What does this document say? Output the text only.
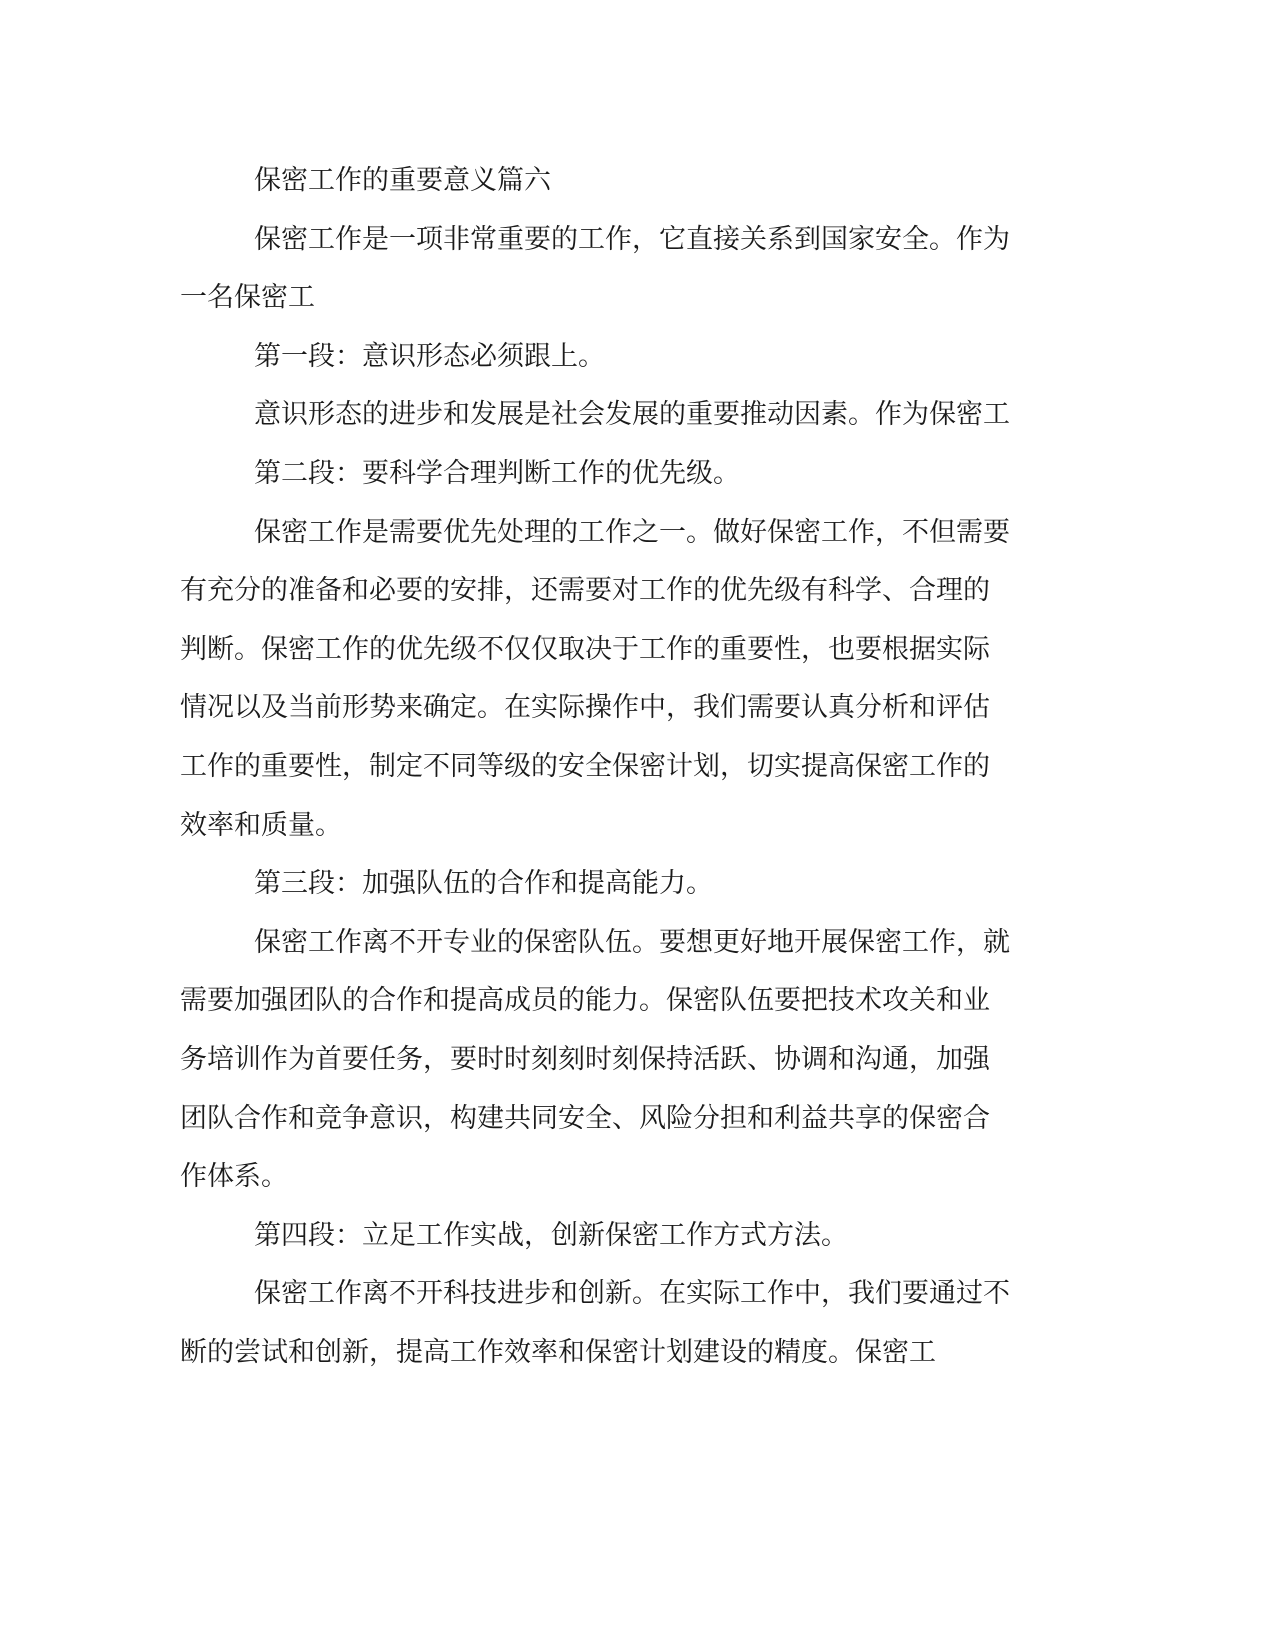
保密工作的重要意义篇六
保密工作是一项非常重要的工作，它直接关系到国家安全。作为
一名保密工
第一段：意识形态必须跟上。
意识形态的进步和发展是社会发展的重要推动因素。作为保密工
第二段：要科学合理判断工作的优先级。
保密工作是需要优先处理的工作之一。做好保密工作，不但需要
有充分的准备和必要的安排，还需要对工作的优先级有科学、合理的
判断。保密工作的优先级不仅仅取决于工作的重要性，也要根据实际
情况以及当前形势来确定。在实际操作中，我们需要认真分析和评估
工作的重要性，制定不同等级的安全保密计划，切实提高保密工作的
效率和质量。
第三段：加强队伍的合作和提高能力。
保密工作离不开专业的保密队伍。要想更好地开展保密工作，就
需要加强团队的合作和提高成员的能力。保密队伍要把技术攻关和业
务培训作为首要任务，要时时刻刻时刻保持活跃、协调和沟通，加强
团队合作和竞争意识，构建共同安全、风险分担和利益共享的保密合
作体系。
第四段：立足工作实战，创新保密工作方式方法。
保密工作离不开科技进步和创新。在实际工作中，我们要通过不
断的尝试和创新，提高工作效率和保密计划建设的精度。保密工
